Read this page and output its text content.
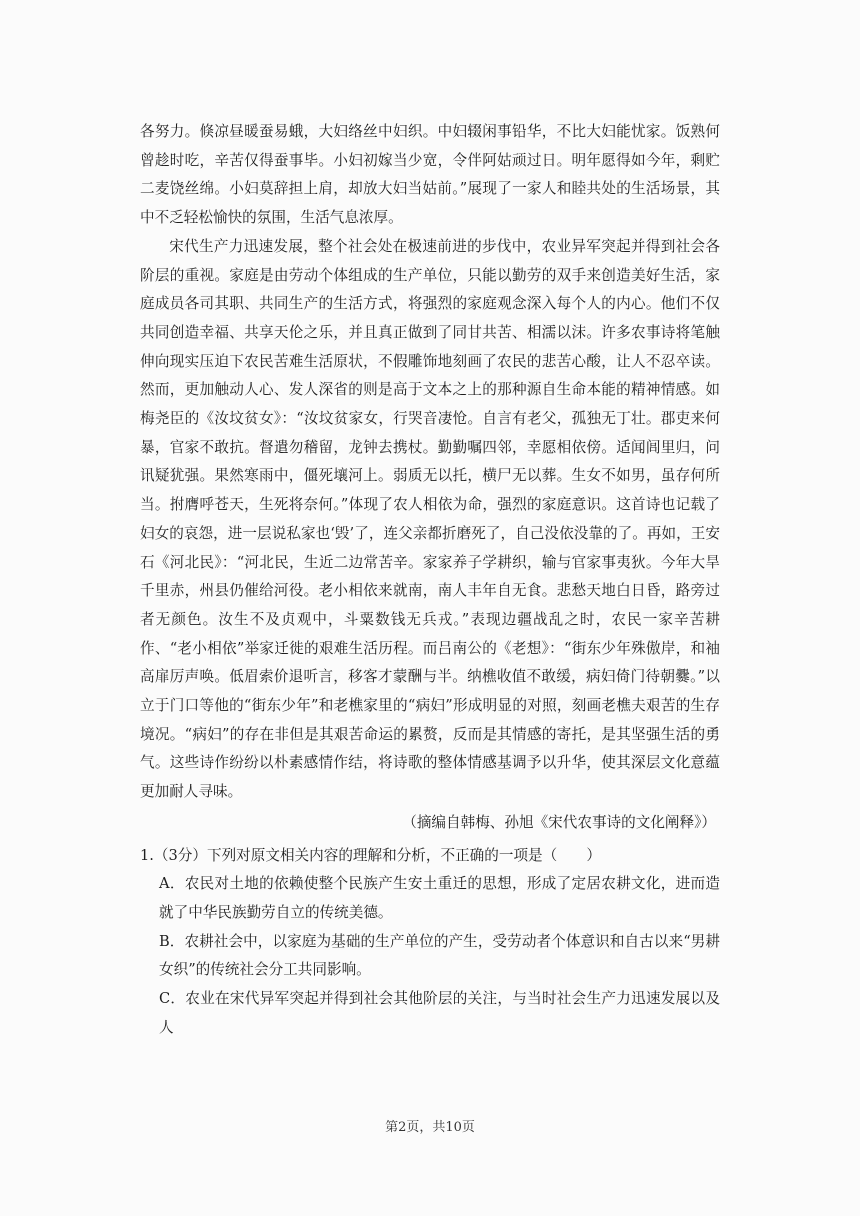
各努力。倏凉昼暖蚕易蛾，大妇络丝中妇织。中妇辍闲事铅华，不比大妇能忧家。饭熟何曾趁时吃，辛苦仅得蚕事毕。小妇初嫁当少宽，令伴阿姑顽过日。明年愿得如今年，剩贮二麦饶丝绵。小妇莫辞担上肩，却放大妇当姑前。”展现了一家人和睦共处的生活场景，其中不乏轻松愉快的氛围，生活气息浓厚。

宋代生产力迅速发展，整个社会处在极速前进的步伐中，农业异军突起并得到社会各阶层的重视。家庭是由劳动个体组成的生产单位，只能以勤劳的双手来创造美好生活，家庭成员各司其职、共同生产的生活方式，将强烈的家庭观念深入每个人的内心。他们不仅共同创造幸福、共享天伦之乐，并且真正做到了同甘共苦、相濡以沫。许多农事诗将笔触伸向现实压迫下农民苦难生活原状，不假雕饰地刻画了农民的悲苦心酸，让人不忍卒读。然而，更加触动人心、发人深省的则是高于文本之上的那种源自生命本能的精神情感。如梅尧臣的《汝坟贫女》：“汝坟贫家女，行哭音凄怆。自言有老父，孤独无丁壮。郡吏来何暴，官家不敢抗。督遣勿稽留，龙钟去携杖。勤勤嘱四邻，幸愿相依傍。适闻闾里归，问讯疑犹强。果然寒雨中，僵死壤河上。弱质无以托，横尸无以葬。生女不如男，虽存何所当。拊膺呼苍天，生死将奈何。”体现了农人相依为命，强烈的家庭意识。这首诗也记载了妇女的哀怨，进一层说私家也‘毁’了，连父亲都折磨死了，自己没依没靠的了。再如，王安石《河北民》：“河北民，生近二边常苦辛。家家养子学耕织，输与官家事夷狄。今年大旱千里赤，州县仍催给河役。老小相依来就南，南人丰年自无食。悲愁天地白日昏，路旁过者无颜色。汝生不及贞观中，斗粟数钱无兵戎。”表现边疆战乱之时，农民一家辛苦耕作、“老小相依”举家迁徙的艰难生活历程。而吕南公的《老想》：“街东少年殊傲岸，和袖高扉厉声唤。低眉索价退听言，移客才蒙酬与半。纳樵收值不敢缓，病妇倚门待朝爨。”以立于门口等他的“街东少年”和老樵家里的“病妇”形成明显的对照，刻画老樵夫艰苦的生存境况。“病妇”的存在非但是其艰苦命运的累赘，反而是其情感的寄托，是其坚强生活的勇气。这些诗作纷纷以朴素感情作结，将诗歌的整体情感基调予以升华，使其深层文化意蕴更加耐人寻味。

（摘编自韩梅、孙旭《宋代农事诗的文化阐释》）

1.（3分）下列对原文相关内容的理解和分析，不正确的一项是（　　）

A．农民对土地的依赖使整个民族产生安土重迁的思想，形成了定居农耕文化，进而造就了中华民族勤劳自立的传统美德。

B．农耕社会中，以家庭为基础的生产单位的产生，受劳动者个体意识和自古以来“男耕女织”的传统社会分工共同影响。

C．农业在宋代异军突起并得到社会其他阶层的关注，与当时社会生产力迅速发展以及人

第2页，共10页
